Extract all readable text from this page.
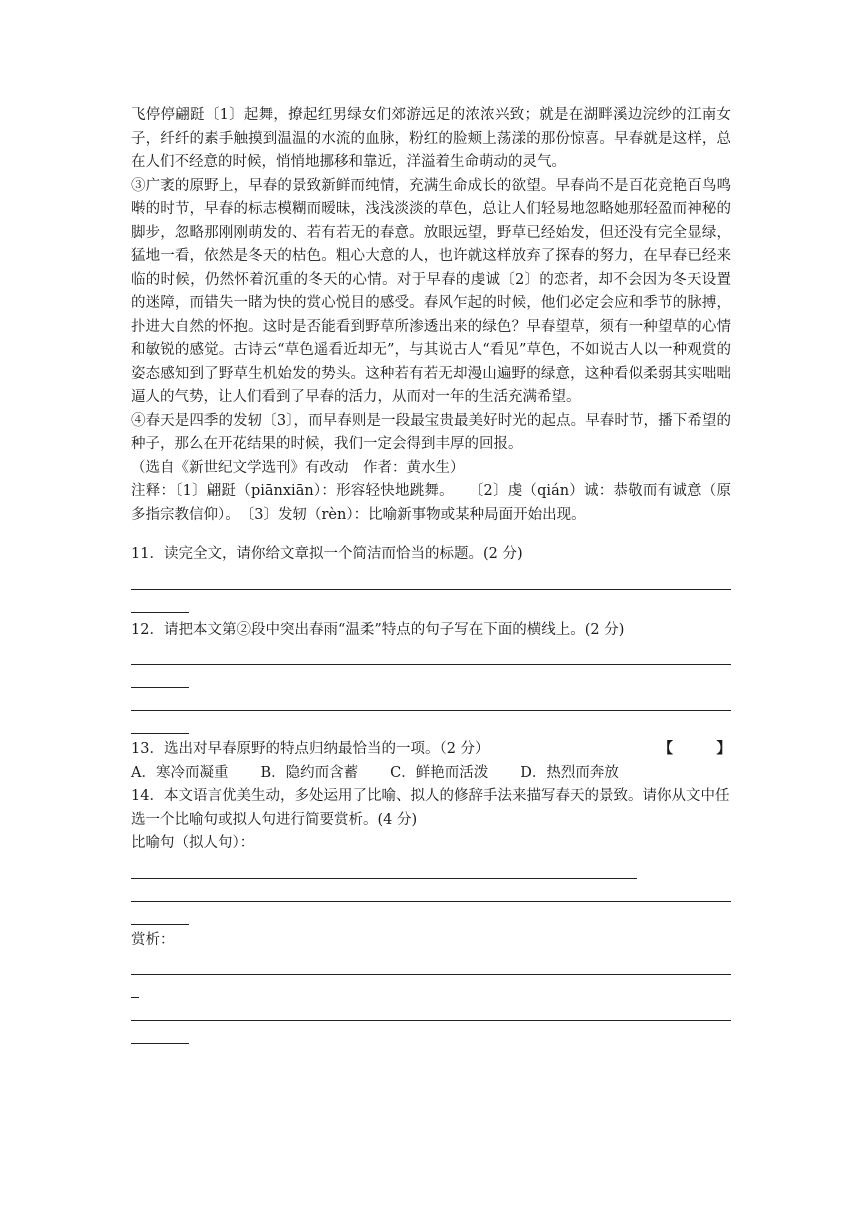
飞停停翩跹〔1〕起舞，撩起红男绿女们郊游远足的浓浓兴致；就是在湖畔溪边浣纱的江南女子，纤纤的素手触摸到温温的水流的血脉，粉红的脸颊上荡漾的那份惊喜。早春就是这样，总在人们不经意的时候，悄悄地挪移和靠近，洋溢着生命萌动的灵气。

③广袤的原野上，早春的景致新鲜而纯情，充满生命成长的欲望。早春尚不是百花竞艳百鸟鸣啭的时节，早春的标志模糊而暧昧，浅浅淡淡的草色，总让人们轻易地忽略她那轻盈而神秘的脚步，忽略那刚刚萌发的、若有若无的春意。放眼远望，野草已经始发，但还没有完全显绿，猛地一看，依然是冬天的枯色。粗心大意的人，也许就这样放弃了探春的努力，在早春已经来临的时候，仍然怀着沉重的冬天的心情。对于早春的虔诚〔2〕的恋者，却不会因为冬天设置的迷障，而错失一睹为快的赏心悦目的感受。春风乍起的时候，他们必定会应和季节的脉搏，扑进大自然的怀抱。这时是否能看到野草所渗透出来的绿色？早春望草，须有一种望草的心情和敏锐的感觉。古诗云“草色遥看近却无”，与其说古人“看见”草色，不如说古人以一种观赏的姿态感知到了野草生机始发的势头。这种若有若无却漫山遍野的绿意，这种看似柔弱其实咄咄逼人的气势，让人们看到了早春的活力，从而对一年的生活充满希望。

④春天是四季的发轫〔3〕，而早春则是一段最宝贵最美好时光的起点。早春时节，播下希望的种子，那么在开花结果的时候，我们一定会得到丰厚的回报。

（选自《新世纪文学选刊》有改动　作者：黄水生）

注释：〔1〕翩跹（piānxiān）：形容轻快地跳舞。　　〔2〕虔（qián）诚：恭敬而有诚意（原多指宗教信仰）。　〔3〕发轫（rèn）：比喻新事物或某种局面开始出现。

11．读完全文，请你给文章拟一个简洁而恰当的标题。(2 分)

12．请把本文第②段中突出春雨“温柔”特点的句子写在下面的横线上。(2 分)

13．选出对早春原野的特点归纳最恰当的一项。（2 分）	【　　　】

A．寒冷而凝重 B．隐约而含蓄 C．鲜艳而活泼 D．热烈而奔放

14．本文语言优美生动，多处运用了比喻、拟人的修辞手法来描写春天的景致。请你从文中任选一个比喻句或拟人句进行简要赏析。(4 分)

比喻句（拟人句）：

赏析：
